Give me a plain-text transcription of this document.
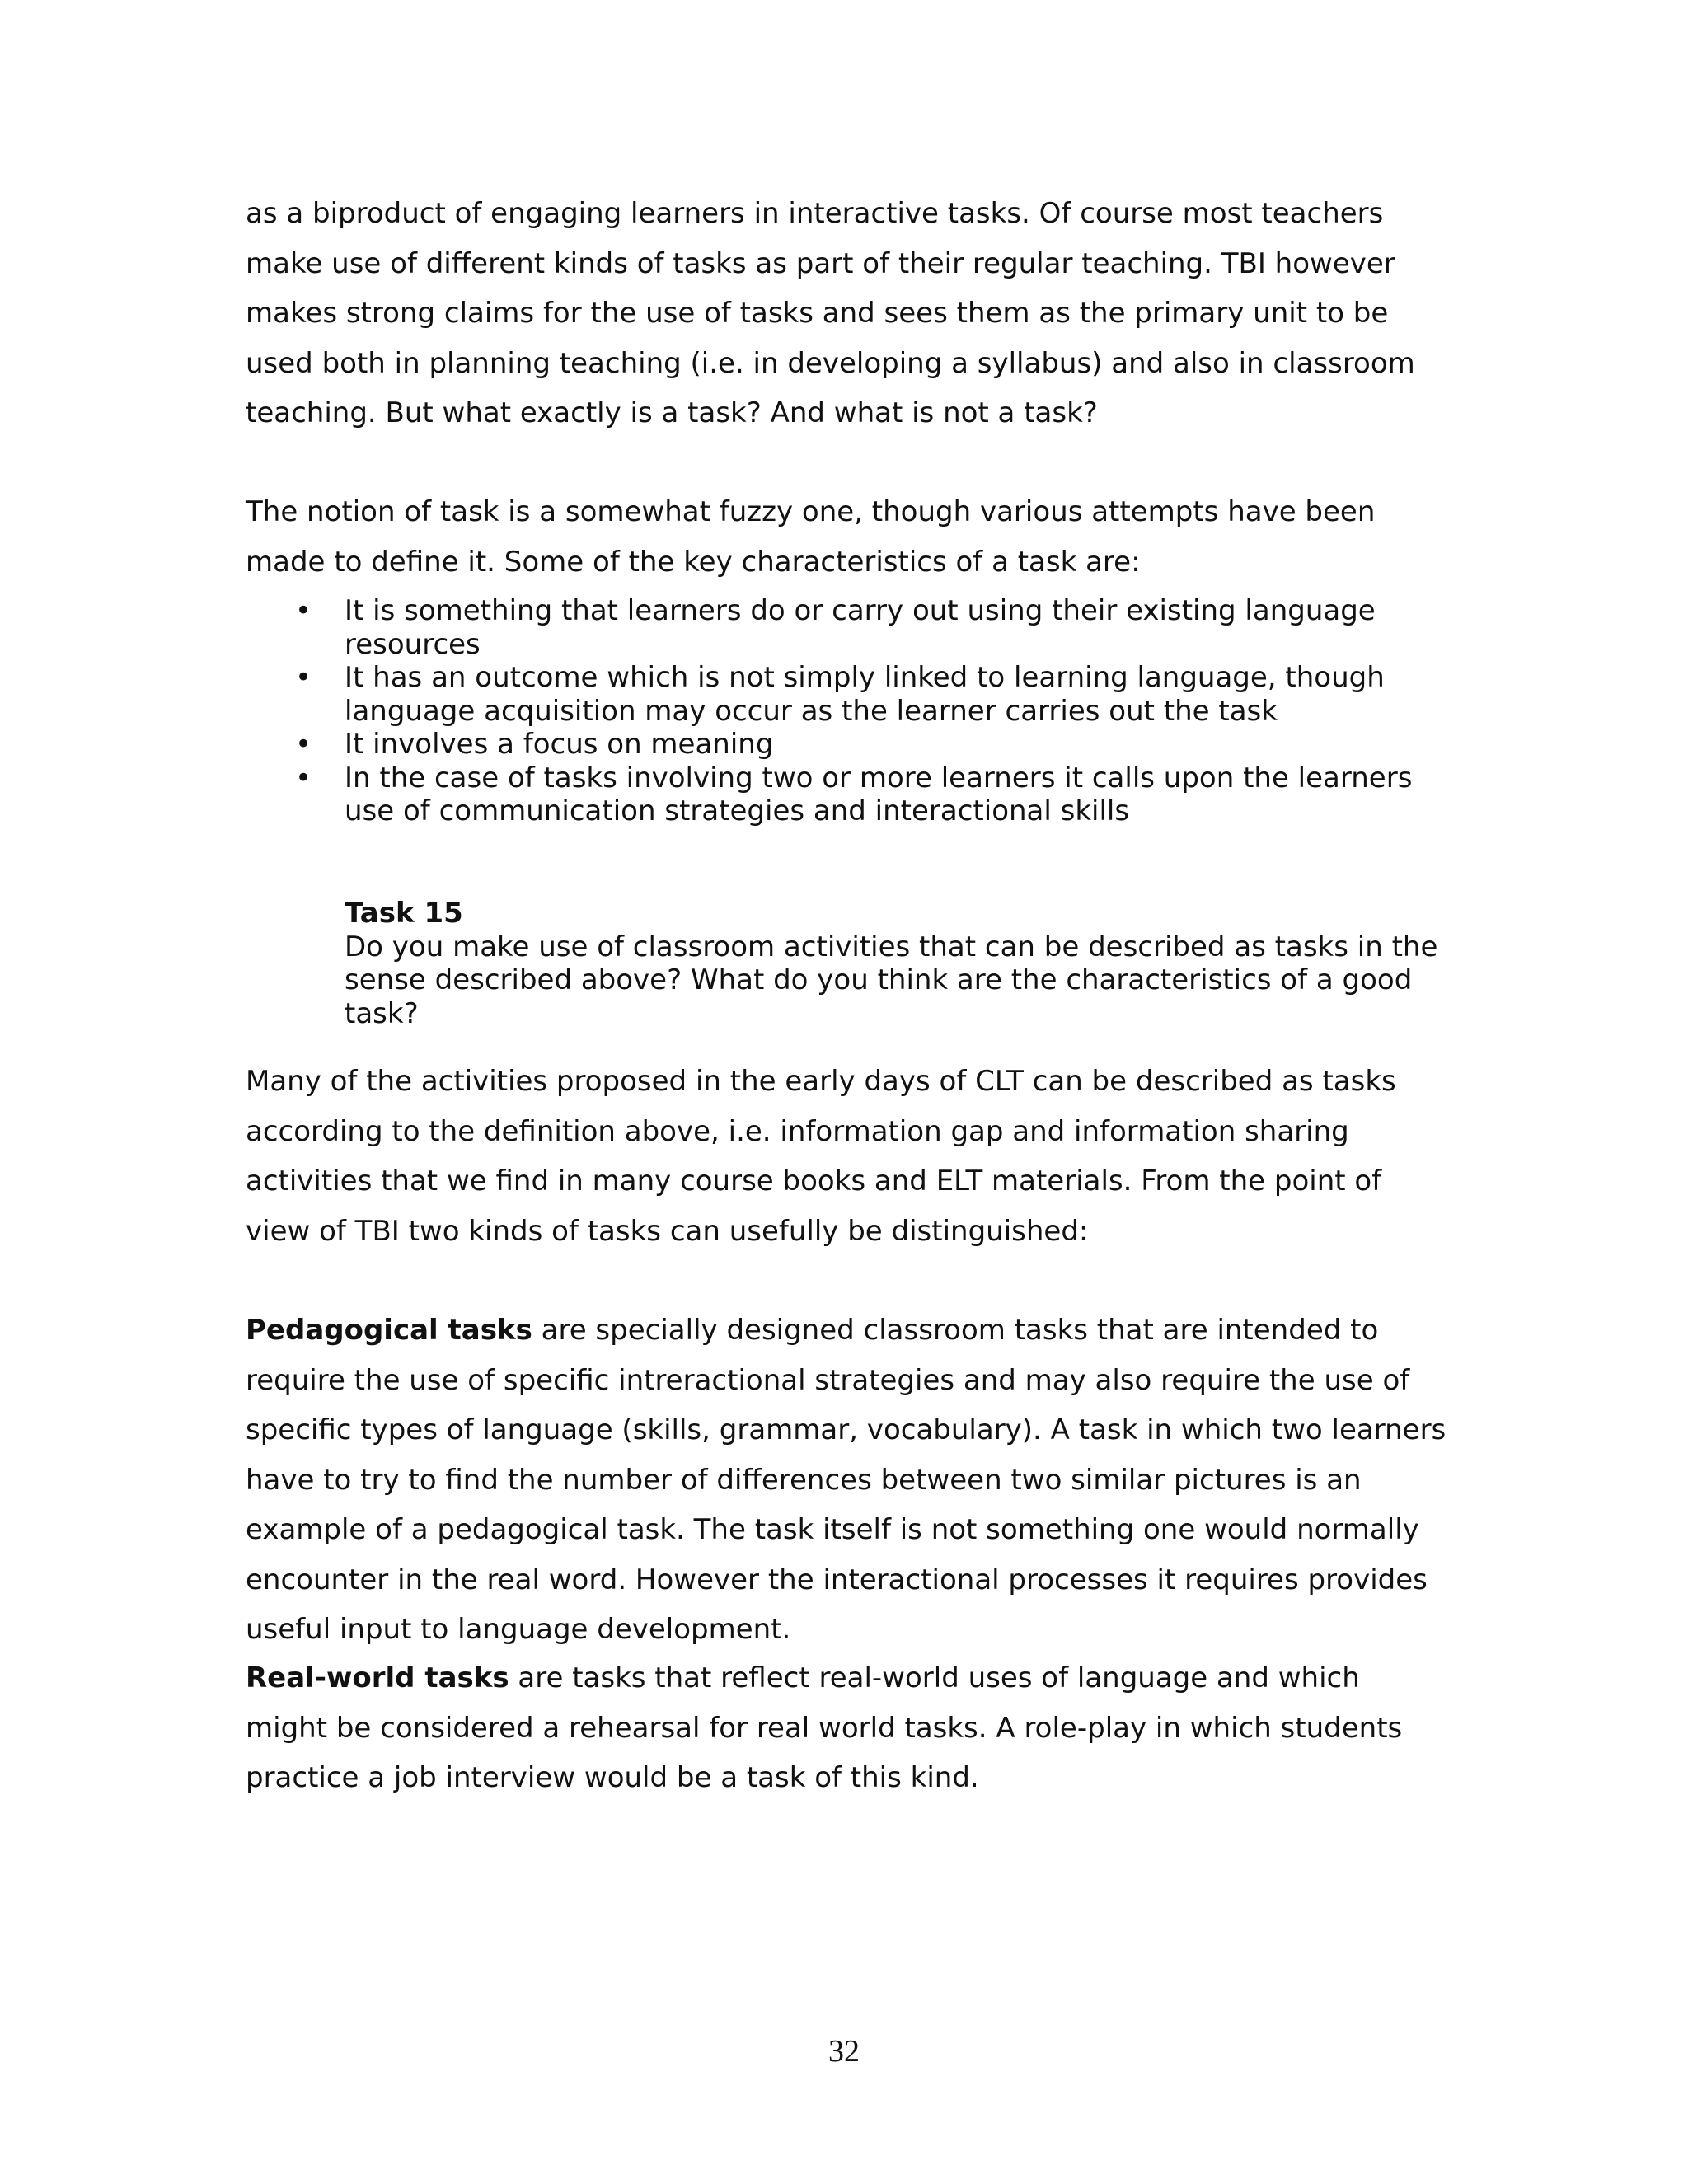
as a biproduct of engaging learners in interactive tasks. Of course most teachers make use of different kinds of tasks as part of their regular teaching. TBI however makes strong claims for the use of tasks and sees them as the primary unit to be used both in planning teaching (i.e. in developing a syllabus) and also in classroom teaching. But what exactly is a task? And what is not a task?

The notion of task is a somewhat fuzzy one, though various attempts have been made to define it. Some of the key characteristics of a task are:

• It is something that learners do or carry out using their existing language resources
• It has an outcome which is not simply linked to learning language, though language acquisition may occur as the learner carries out the task
• It involves a focus on meaning
• In the case of tasks involving two or more learners it calls upon the learners use of communication strategies and interactional skills

Task 15

Do you make use of classroom activities that can be described as tasks in the sense described above? What do you think are the characteristics of a good task?

Many of the activities proposed in the early days of CLT can be described as tasks according to the definition above, i.e. information gap and information sharing activities that we find in many course books and ELT materials. From the point of view of TBI two kinds of tasks can usefully be distinguished:

Pedagogical tasks are specially designed classroom tasks that are intended to require the use of specific intreractional strategies and may also require the use of specific types of language (skills, grammar, vocabulary). A task in which two learners have to try to find the number of differences between two similar pictures is an example of a pedagogical task. The task itself is not something one would normally encounter in the real word. However the interactional processes it requires provides useful input to language development.

Real-world tasks are tasks that reflect real-world uses of language and which might be considered a rehearsal for real world tasks. A role-play in which students practice a job interview would be a task of this kind.

32
